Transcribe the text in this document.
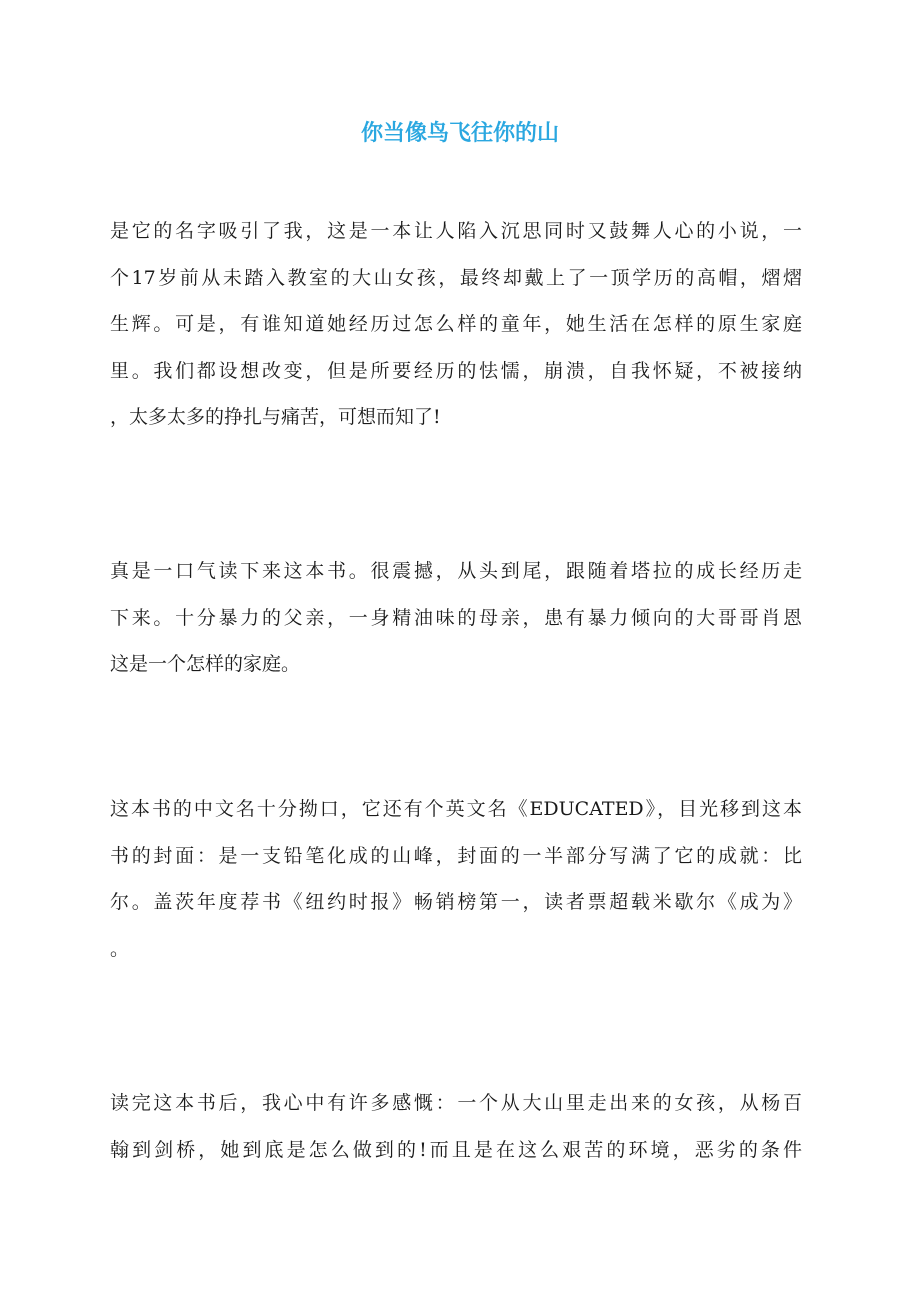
你当像鸟飞往你的山

是它的名字吸引了我，这是一本让人陷入沉思同时又鼓舞人心的小说，一
个17岁前从未踏入教室的大山女孩，最终却戴上了一顶学历的高帽，熠熠
生辉。可是，有谁知道她经历过怎么样的童年，她生活在怎样的原生家庭
里。我们都设想改变，但是所要经历的怯懦，崩溃，自我怀疑，不被接纳
，太多太多的挣扎与痛苦，可想而知了!

真是一口气读下来这本书。很震撼，从头到尾，跟随着塔拉的成长经历走
下来。十分暴力的父亲，一身精油味的母亲，患有暴力倾向的大哥哥肖恩
这是一个怎样的家庭。

这本书的中文名十分拗口，它还有个英文名《EDUCATED》，目光移到这本
书的封面：是一支铅笔化成的山峰，封面的一半部分写满了它的成就：比
尔。盖茨年度荐书《纽约时报》畅销榜第一，读者票超载米歇尔《成为》
。

读完这本书后，我心中有许多感慨：一个从大山里走出来的女孩，从杨百
翰到剑桥，她到底是怎么做到的!而且是在这么艰苦的环境，恶劣的条件
